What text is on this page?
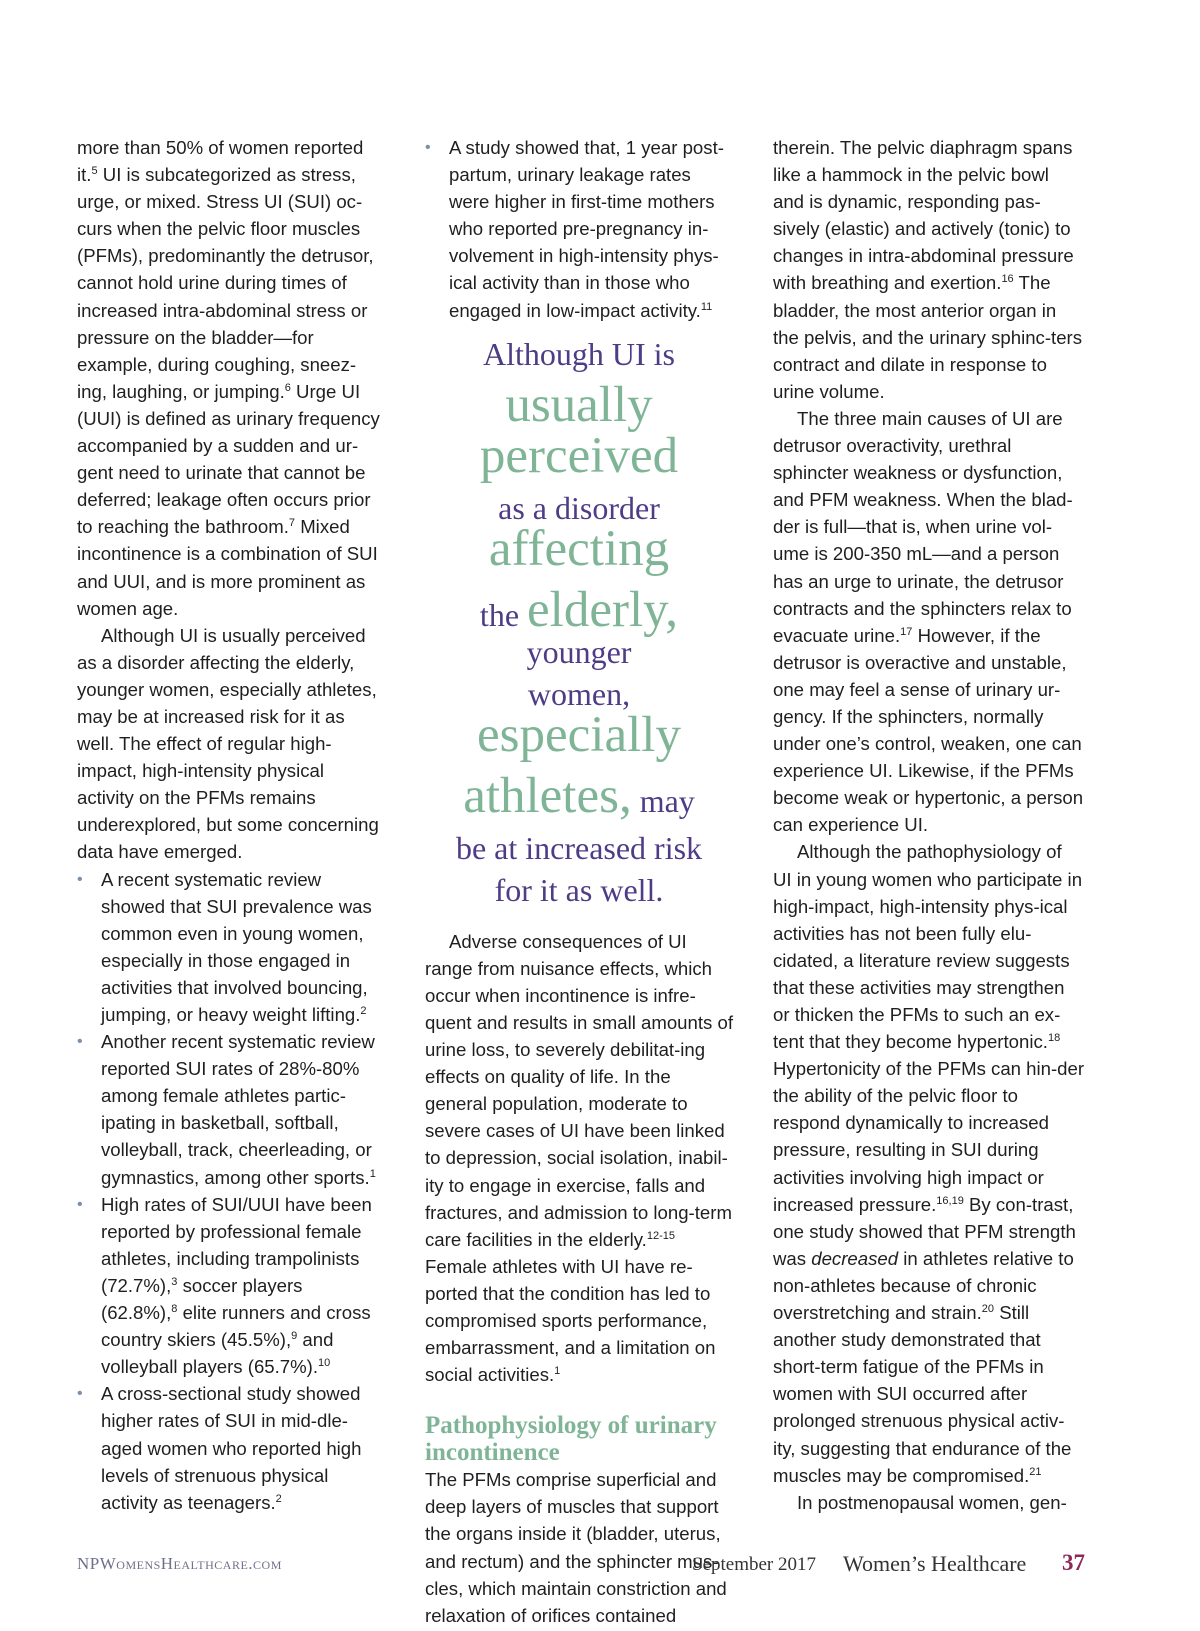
more than 50% of women reported it.$^5$ UI is subcategorized as stress, urge, or mixed. Stress UI (SUI) oc-curs when the pelvic floor muscles (PFMs), predominantly the detrusor, cannot hold urine during times of increased intra-abdominal stress or pressure on the bladder—for example, during coughing, sneez-ing, laughing, or jumping.$^6$ Urge UI (UUI) is defined as urinary frequency accompanied by a sudden and ur-gent need to urinate that cannot be deferred; leakage often occurs prior to reaching the bathroom.$^7$ Mixed incontinence is a combination of SUI and UUI, and is more prominent as women age.

Although UI is usually perceived as a disorder affecting the elderly, younger women, especially athletes, may be at increased risk for it as well. The effect of regular high-impact, high-intensity physical activity on the PFMs remains underexplored, but some concerning data have emerged.

• A recent systematic review showed that SUI prevalence was common even in young women, especially in those engaged in activities that involved bouncing, jumping, or heavy weight lifting.$^2$
• Another recent systematic review reported SUI rates of 28%-80% among female athletes partic-ipating in basketball, softball, volleyball, track, cheerleading, or gymnastics, among other sports.$^1$
• High rates of SUI/UUI have been reported by professional female athletes, including trampolinists (72.7%),$^3$ soccer players (62.8%),$^8$ elite runners and cross country skiers (45.5%),$^9$ and volleyball players (65.7%).$^{10}$
• A cross-sectional study showed higher rates of SUI in mid-dle-aged women who reported high levels of strenuous physical activity as teenagers.$^2$
• A study showed that, 1 year post-partum, urinary leakage rates were higher in first-time mothers who reported pre-pregnancy in-volvement in high-intensity phys-ical activity than in those who engaged in low-impact activity.$^{11}$
Although UI is
usually perceived
as a disorder affecting
the elderly, younger
women, especially
athletes, may
be at increased risk
for it as well.

Adverse consequences of UI range from nuisance effects, which occur when incontinence is infre-quent and results in small amounts of urine loss, to severely debilitat-ing effects on quality of life. In the general population, moderate to severe cases of UI have been linked to depression, social isolation, inabil-ity to engage in exercise, falls and fractures, and admission to long-term care facilities in the elderly.$^{12-15}$ Female athletes with UI have re-ported that the condition has led to compromised sports performance, embarrassment, and a limitation on social activities.$^1$

Pathophysiology of urinary incontinence

The PFMs comprise superficial and deep layers of muscles that support the organs inside it (bladder, uterus, and rectum) and the sphincter mus-cles, which maintain constriction and relaxation of orifices contained

therein. The pelvic diaphragm spans like a hammock in the pelvic bowl and is dynamic, responding pas-sively (elastic) and actively (tonic) to changes in intra-abdominal pressure with breathing and exertion.$^{16}$ The bladder, the most anterior organ in the pelvis, and the urinary sphinc-ters contract and dilate in response to urine volume.

The three main causes of UI are detrusor overactivity, urethral sphincter weakness or dysfunction, and PFM weakness. When the blad-der is full—that is, when urine vol-ume is 200-350 mL—and a person has an urge to urinate, the detrusor contracts and the sphincters relax to evacuate urine.$^{17}$ However, if the detrusor is overactive and unstable, one may feel a sense of urinary ur-gency. If the sphincters, normally under one’s control, weaken, one can experience UI. Likewise, if the PFMs become weak or hypertonic, a person can experience UI.

Although the pathophysiology of UI in young women who participate in high-impact, high-intensity phys-ical activities has not been fully elu-cidated, a literature review suggests that these activities may strengthen or thicken the PFMs to such an ex-tent that they become hypertonic.$^{18}$ Hypertonicity of the PFMs can hin-der the ability of the pelvic floor to respond dynamically to increased pressure, resulting in SUI during activities involving high impact or increased pressure.$^{16,19}$ By con-trast, one study showed that PFM strength was decreased in athletes relative to non-athletes because of chronic overstretching and strain.$^{20}$ Still another study demonstrated that short-term fatigue of the PFMs in women with SUI occurred after prolonged strenuous physical activ-ity, suggesting that endurance of the muscles may be compromised.$^{21}$

In postmenopausal women, gen-

NPWomensHealthcare.com	September 2017 Women’s Healthcare 37
